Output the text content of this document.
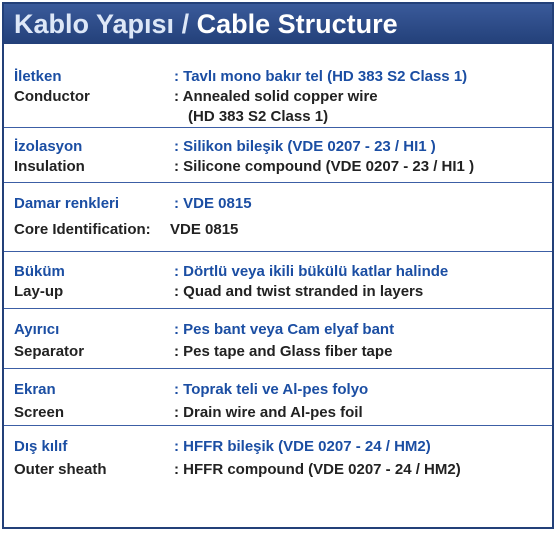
Kablo Yapısı / Cable Structure
İletken	: Tavlı mono bakır tel (HD 383 S2 Class 1)
Conductor	: Annealed solid copper wire
(HD 383 S2 Class 1)
İzolasyon	: Silikon bileşik (VDE 0207 - 23 / HI1 )
Insulation	: Silicone compound (VDE 0207 - 23 / HI1 )
Damar renkleri	: VDE 0815
Core Identification: VDE 0815
Büküm	: Dörtlü veya ikili bükülü katlar halinde
Lay-up	: Quad and twist stranded in layers
Ayırıcı	: Pes bant veya Cam elyaf bant
Separator	: Pes tape and Glass fiber tape
Ekran	: Toprak teli ve Al-pes folyo
Screen	: Drain wire and Al-pes foil
Dış kılıf	: HFFR bileşik (VDE 0207 - 24 / HM2)
Outer sheath	: HFFR compound (VDE 0207 - 24 / HM2)
